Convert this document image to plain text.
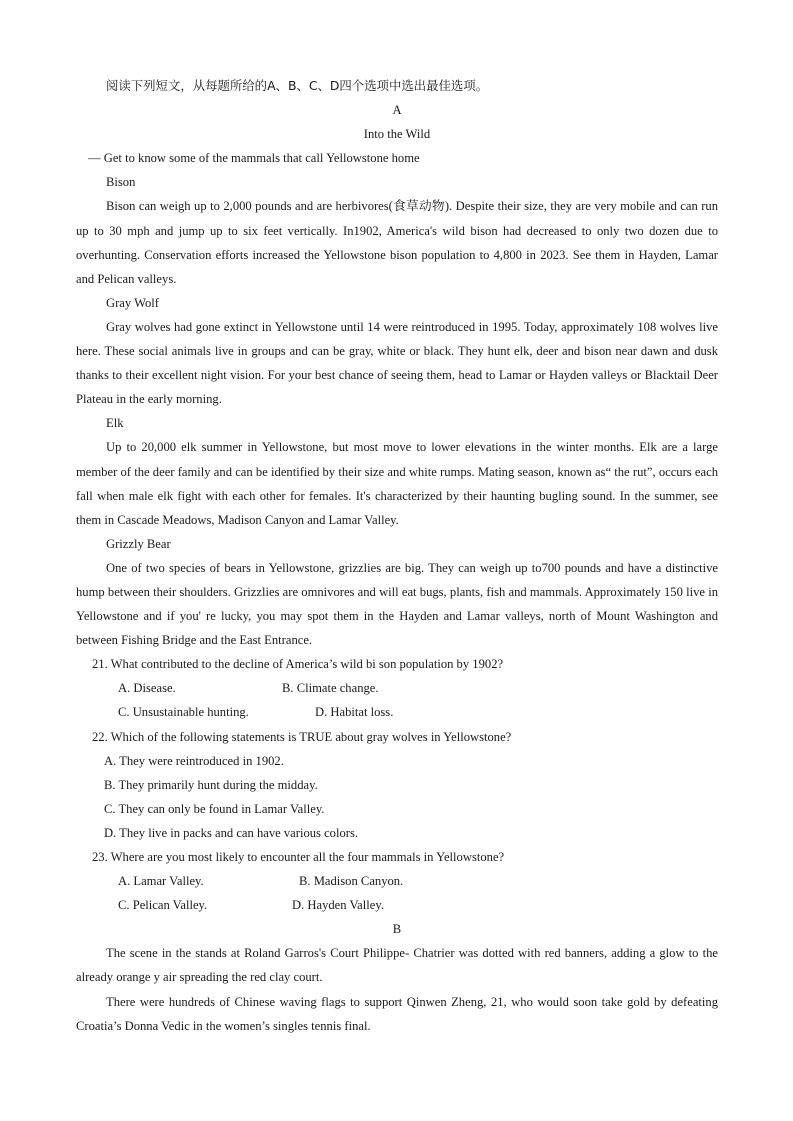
阅读下列短文，从每题所给的A、B、C、D四个选项中选出最佳选项。
A
Into the Wild
— Get to know some of the mammals that call Yellowstone home
Bison

Bison can weigh up to 2,000 pounds and are herbivores(食草动物). Despite their size, they are very mobile and can run up to 30 mph and jump up to six feet vertically. In1902, America's wild bison had decreased to only two dozen due to overhunting. Conservation efforts increased the Yellowstone bison population to 4,800 in 2023. See them in Hayden, Lamar and Pelican valleys.

Gray Wolf

Gray wolves had gone extinct in Yellowstone until 14 were reintroduced in 1995. Today, approximately 108 wolves live here. These social animals live in groups and can be gray, white or black. They hunt elk, deer and bison near dawn and dusk thanks to their excellent night vision. For your best chance of seeing them, head to Lamar or Hayden valleys or Blacktail Deer Plateau in the early morning.

Elk

Up to 20,000 elk summer in Yellowstone, but most move to lower elevations in the winter months. Elk are a large member of the deer family and can be identified by their size and white rumps. Mating season, known as“ the rut”, occurs each fall when male elk fight with each other for females. It's characterized by their haunting bugling sound. In the summer, see them in Cascade Meadows, Madison Canyon and Lamar Valley.

Grizzly Bear

One of two species of bears in Yellowstone, grizzlies are big. They can weigh up to700 pounds and have a distinctive hump between their shoulders. Grizzlies are omnivores and will eat bugs, plants, fish and mammals. Approximately 150 live in Yellowstone and if you' re lucky, you may spot them in the Hayden and Lamar valleys, north of Mount Washington and between Fishing Bridge and the East Entrance.

21. What contributed to the decline of America’s wild bi son population by 1902?
A. Disease.	B. Climate change.
C. Unsustainable hunting.	D. Habitat loss.
22. Which of the following statements is TRUE about gray wolves in Yellowstone?
A. They were reintroduced in 1902.
B. They primarily hunt during the midday.
C. They can only be found in Lamar Valley.
D. They live in packs and can have various colors.
23. Where are you most likely to encounter all the four mammals in Yellowstone?
A. Lamar Valley.	B. Madison Canyon.
C. Pelican Valley.	D. Hayden Valley.
B

The scene in the stands at Roland Garros's Court Philippe- Chatrier was dotted with red banners, adding a glow to the already orange y air spreading the red clay court.

There were hundreds of Chinese waving flags to support Qinwen Zheng, 21, who would soon take gold by defeating Croatia’s Donna Vedic in the women’s singles tennis final.
